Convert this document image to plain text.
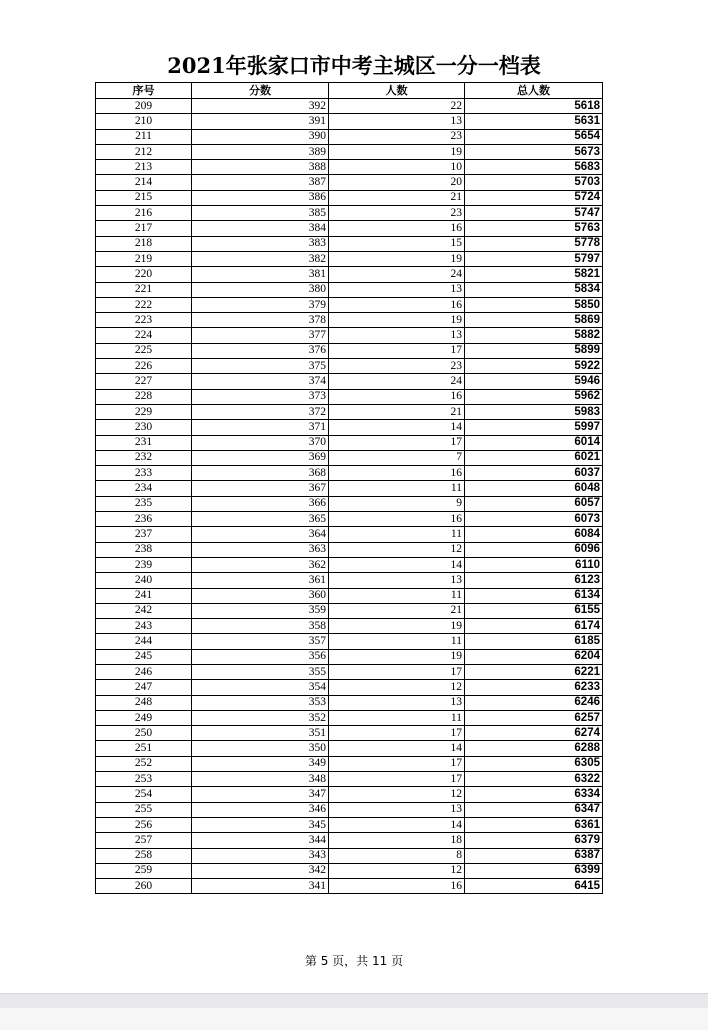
2021年张家口市中考主城区一分一档表
序号	分数	人数	总人数
209	392	22	5618
210	391	13	5631
211	390	23	5654
212	389	19	5673
213	388	10	5683
214	387	20	5703
215	386	21	5724
216	385	23	5747
217	384	16	5763
218	383	15	5778
219	382	19	5797
220	381	24	5821
221	380	13	5834
222	379	16	5850
223	378	19	5869
224	377	13	5882
225	376	17	5899
226	375	23	5922
227	374	24	5946
228	373	16	5962
229	372	21	5983
230	371	14	5997
231	370	17	6014
232	369	7	6021
233	368	16	6037
234	367	11	6048
235	366	9	6057
236	365	16	6073
237	364	11	6084
238	363	12	6096
239	362	14	6110
240	361	13	6123
241	360	11	6134
242	359	21	6155
243	358	19	6174
244	357	11	6185
245	356	19	6204
246	355	17	6221
247	354	12	6233
248	353	13	6246
249	352	11	6257
250	351	17	6274
251	350	14	6288
252	349	17	6305
253	348	17	6322
254	347	12	6334
255	346	13	6347
256	345	14	6361
257	344	18	6379
258	343	8	6387
259	342	12	6399
260	341	16	6415
第 5 页，共 11 页
